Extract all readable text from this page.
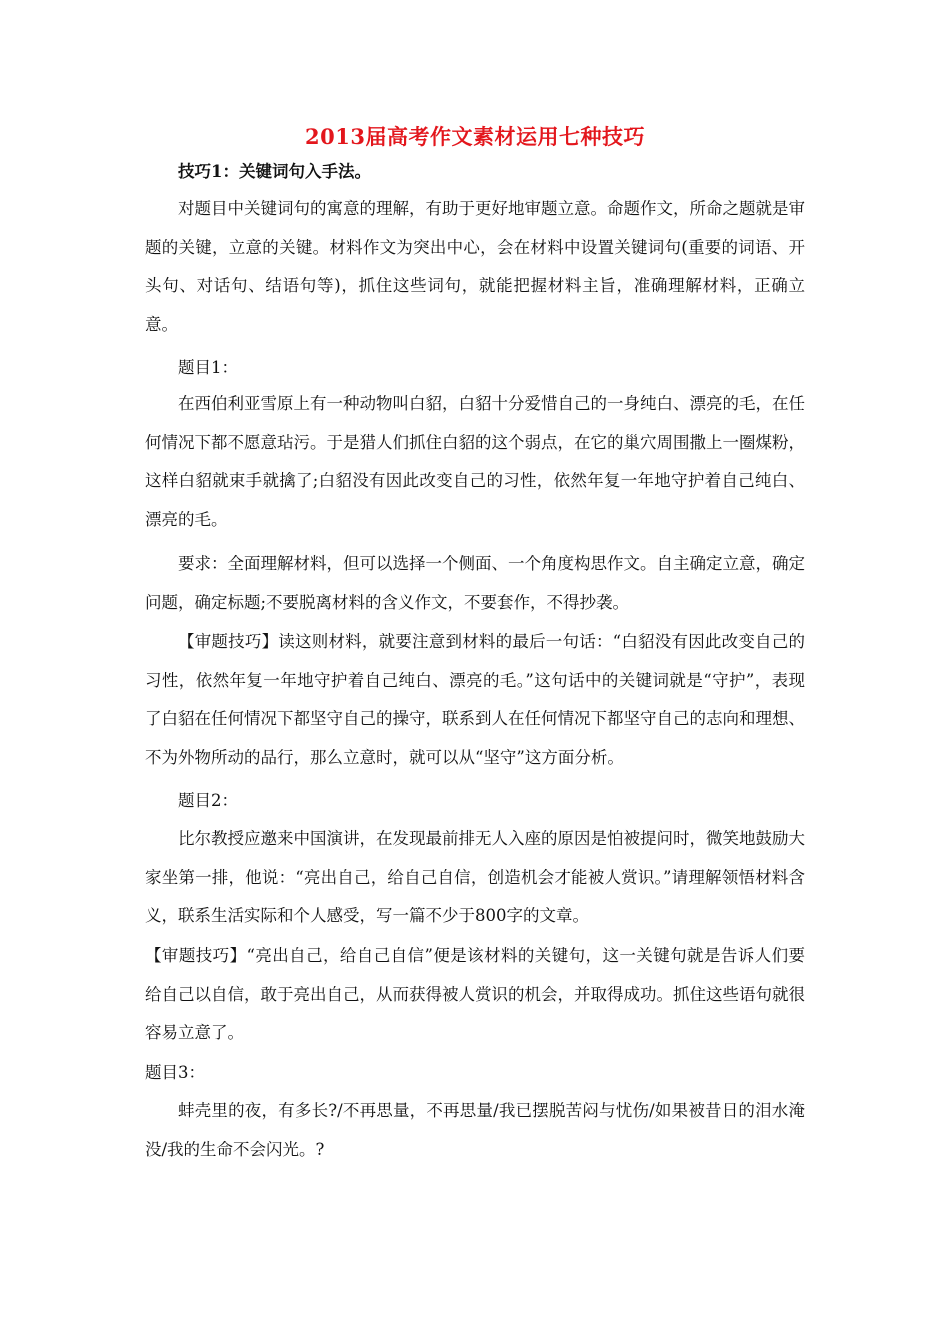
2013届高考作文素材运用七种技巧

技巧1：关键词句入手法。

对题目中关键词句的寓意的理解，有助于更好地审题立意。命题作文，所命之题就是审题的关键，立意的关键。材料作文为突出中心，会在材料中设置关键词句(重要的词语、开头句、对话句、结语句等)，抓住这些词句，就能把握材料主旨，准确理解材料，正确立意。

题目1：

在西伯利亚雪原上有一种动物叫白貂，白貂十分爱惜自己的一身纯白、漂亮的毛，在任何情况下都不愿意玷污。于是猎人们抓住白貂的这个弱点，在它的巢穴周围撒上一圈煤粉，这样白貂就束手就擒了;白貂没有因此改变自己的习性，依然年复一年地守护着自己纯白、漂亮的毛。

要求：全面理解材料，但可以选择一个侧面、一个角度构思作文。自主确定立意，确定问题，确定标题;不要脱离材料的含义作文，不要套作，不得抄袭。

【审题技巧】读这则材料，就要注意到材料的最后一句话：“白貂没有因此改变自己的习性，依然年复一年地守护着自己纯白、漂亮的毛。”这句话中的关键词就是“守护”，表现了白貂在任何情况下都坚守自己的操守，联系到人在任何情况下都坚守自己的志向和理想、不为外物所动的品行，那么立意时，就可以从“坚守”这方面分析。

题目2：

比尔教授应邀来中国演讲，在发现最前排无人入座的原因是怕被提问时，微笑地鼓励大家坐第一排，他说：“亮出自己，给自己自信，创造机会才能被人赏识。”请理解领悟材料含义，联系生活实际和个人感受，写一篇不少于800字的文章。

【审题技巧】“亮出自己，给自己自信”便是该材料的关键句，这一关键句就是告诉人们要给自己以自信，敢于亮出自己，从而获得被人赏识的机会，并取得成功。抓住这些语句就很容易立意了。

题目3：

蚌壳里的夜，有多长?/不再思量，不再思量/我已摆脱苦闷与忧伤/如果被昔日的泪水淹没/我的生命不会闪光。?
